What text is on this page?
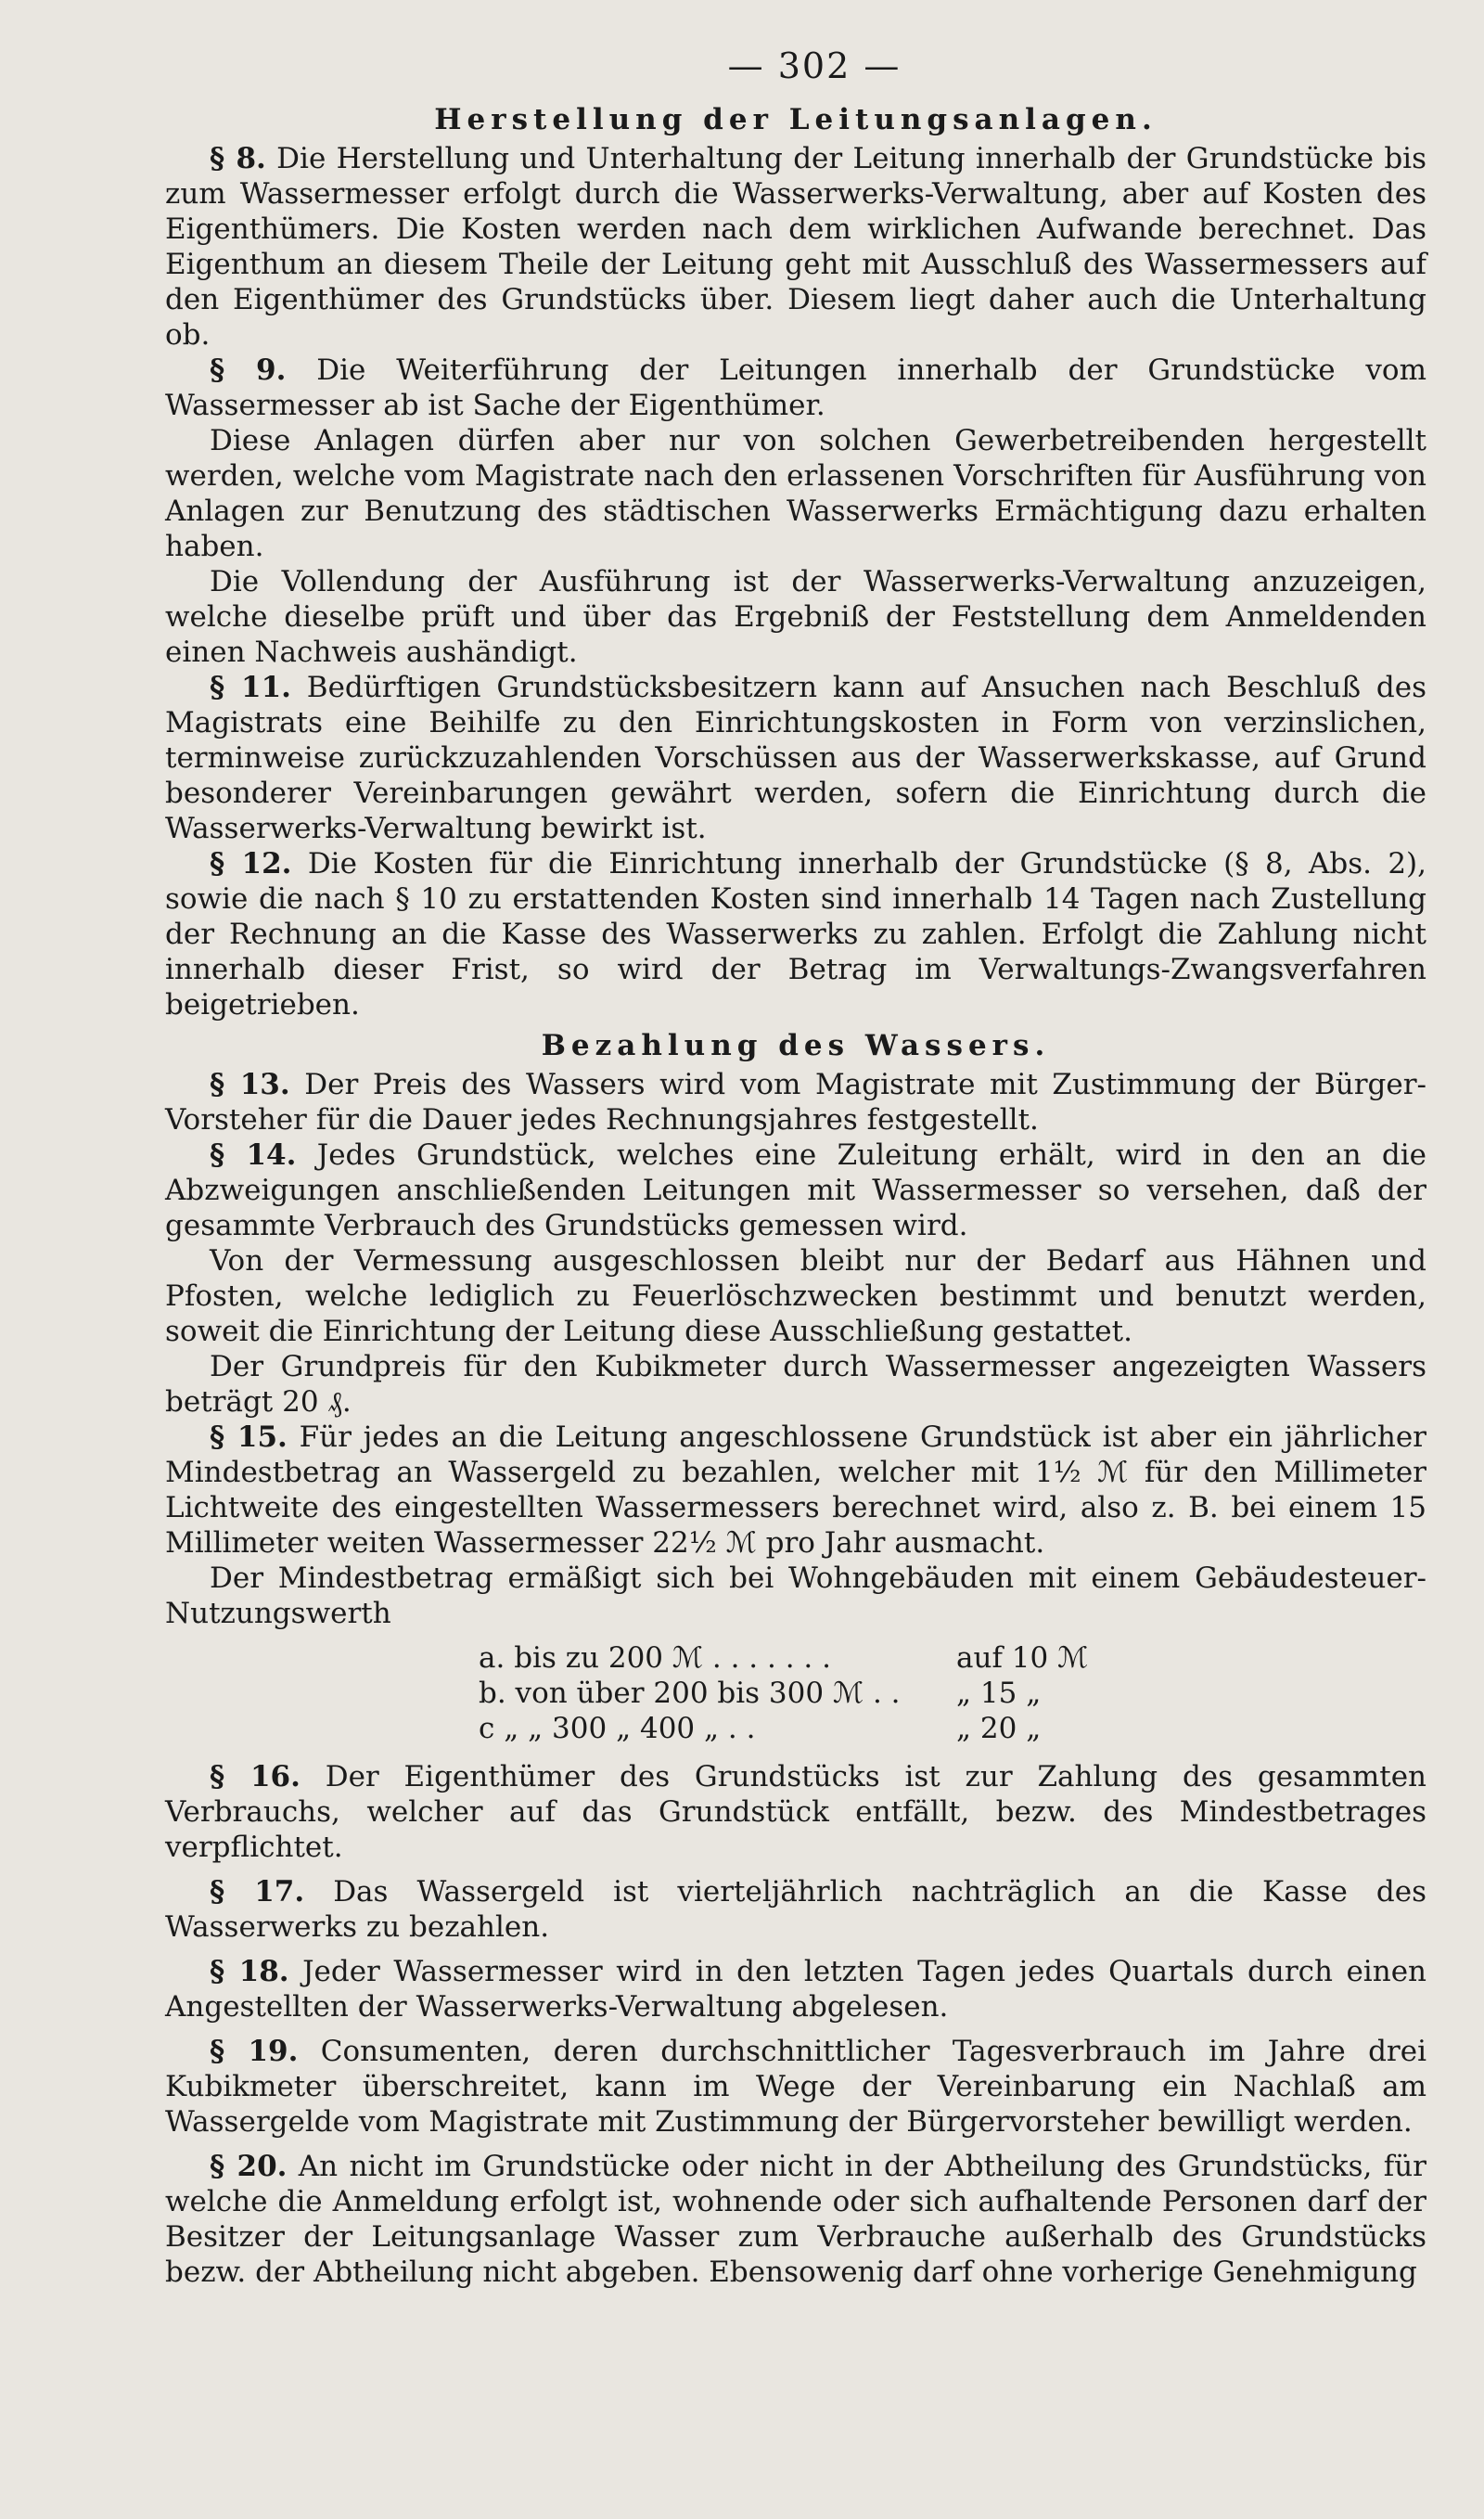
— 302 —
Herstellung der Leitungsanlagen.

§ 8. Die Herstellung und Unterhaltung der Leitung innerhalb der Grundstücke bis zum Wassermesser erfolgt durch die Wasserwerks-Verwaltung, aber auf Kosten des Eigenthümers. Die Kosten werden nach dem wirklichen Aufwande berechnet. Das Eigenthum an diesem Theile der Leitung geht mit Ausschluß des Wassermessers auf den Eigenthümer des Grundstücks über. Diesem liegt daher auch die Unterhaltung ob.

§ 9. Die Weiterführung der Leitungen innerhalb der Grundstücke vom Wassermesser ab ist Sache der Eigenthümer.

Diese Anlagen dürfen aber nur von solchen Gewerbetreibenden hergestellt werden, welche vom Magistrate nach den erlassenen Vorschriften für Ausführung von Anlagen zur Benutzung des städtischen Wasserwerks Ermächtigung dazu erhalten haben.

Die Vollendung der Ausführung ist der Wasserwerks-Verwaltung anzuzeigen, welche dieselbe prüft und über das Ergebniß der Feststellung dem Anmeldenden einen Nachweis aushändigt.

§ 11. Bedürftigen Grundstücksbesitzern kann auf Ansuchen nach Beschluß des Magistrats eine Beihilfe zu den Einrichtungskosten in Form von verzinslichen, terminweise zurückzuzahlenden Vorschüssen aus der Wasserwerkskasse, auf Grund besonderer Vereinbarungen gewährt werden, sofern die Einrichtung durch die Wasserwerks-Verwaltung bewirkt ist.

§ 12. Die Kosten für die Einrichtung innerhalb der Grundstücke (§ 8, Abs. 2), sowie die nach § 10 zu erstattenden Kosten sind innerhalb 14 Tagen nach Zustellung der Rechnung an die Kasse des Wasserwerks zu zahlen. Erfolgt die Zahlung nicht innerhalb dieser Frist, so wird der Betrag im Verwaltungs-Zwangsverfahren beigetrieben.

Bezahlung des Wassers.

§ 13. Der Preis des Wassers wird vom Magistrate mit Zustimmung der Bürger-Vorsteher für die Dauer jedes Rechnungsjahres festgestellt.

§ 14. Jedes Grundstück, welches eine Zuleitung erhält, wird in den an die Abzweigungen anschließenden Leitungen mit Wassermesser so versehen, daß der gesammte Verbrauch des Grundstücks gemessen wird.

Von der Vermessung ausgeschlossen bleibt nur der Bedarf aus Hähnen und Pfosten, welche lediglich zu Feuerlöschzwecken bestimmt und benutzt werden, soweit die Einrichtung der Leitung diese Ausschließung gestattet.

Der Grundpreis für den Kubikmeter durch Wassermesser angezeigten Wassers beträgt 20 ₰.

§ 15. Für jedes an die Leitung angeschlossene Grundstück ist aber ein jährlicher Mindestbetrag an Wassergeld zu bezahlen, welcher mit 1½ ℳ für den Millimeter Lichtweite des eingestellten Wassermessers berechnet wird, also z. B. bei einem 15 Millimeter weiten Wassermesser 22½ ℳ pro Jahr ausmacht.

Der Mindestbetrag ermäßigt sich bei Wohngebäuden mit einem Gebäudesteuer-Nutzungswerth

a. bis zu 200 ℳ . . . . . . .	auf 10 ℳ
b. von über 200 bis 300 ℳ . .	„ 15 „
c „ „ 300 „ 400 „ . .	„ 20 „

§ 16. Der Eigenthümer des Grundstücks ist zur Zahlung des gesammten Verbrauchs, welcher auf das Grundstück entfällt, bezw. des Mindestbetrages verpflichtet.

§ 17. Das Wassergeld ist vierteljährlich nachträglich an die Kasse des Wasserwerks zu bezahlen.

§ 18. Jeder Wassermesser wird in den letzten Tagen jedes Quartals durch einen Angestellten der Wasserwerks-Verwaltung abgelesen.

§ 19. Consumenten, deren durchschnittlicher Tagesverbrauch im Jahre drei Kubikmeter überschreitet, kann im Wege der Vereinbarung ein Nachlaß am Wassergelde vom Magistrate mit Zustimmung der Bürgervorsteher bewilligt werden.

§ 20. An nicht im Grundstücke oder nicht in der Abtheilung des Grundstücks, für welche die Anmeldung erfolgt ist, wohnende oder sich aufhaltende Personen darf der Besitzer der Leitungsanlage Wasser zum Verbrauche außerhalb des Grundstücks bezw. der Abtheilung nicht abgeben. Ebensowenig darf ohne vorherige Genehmigung
